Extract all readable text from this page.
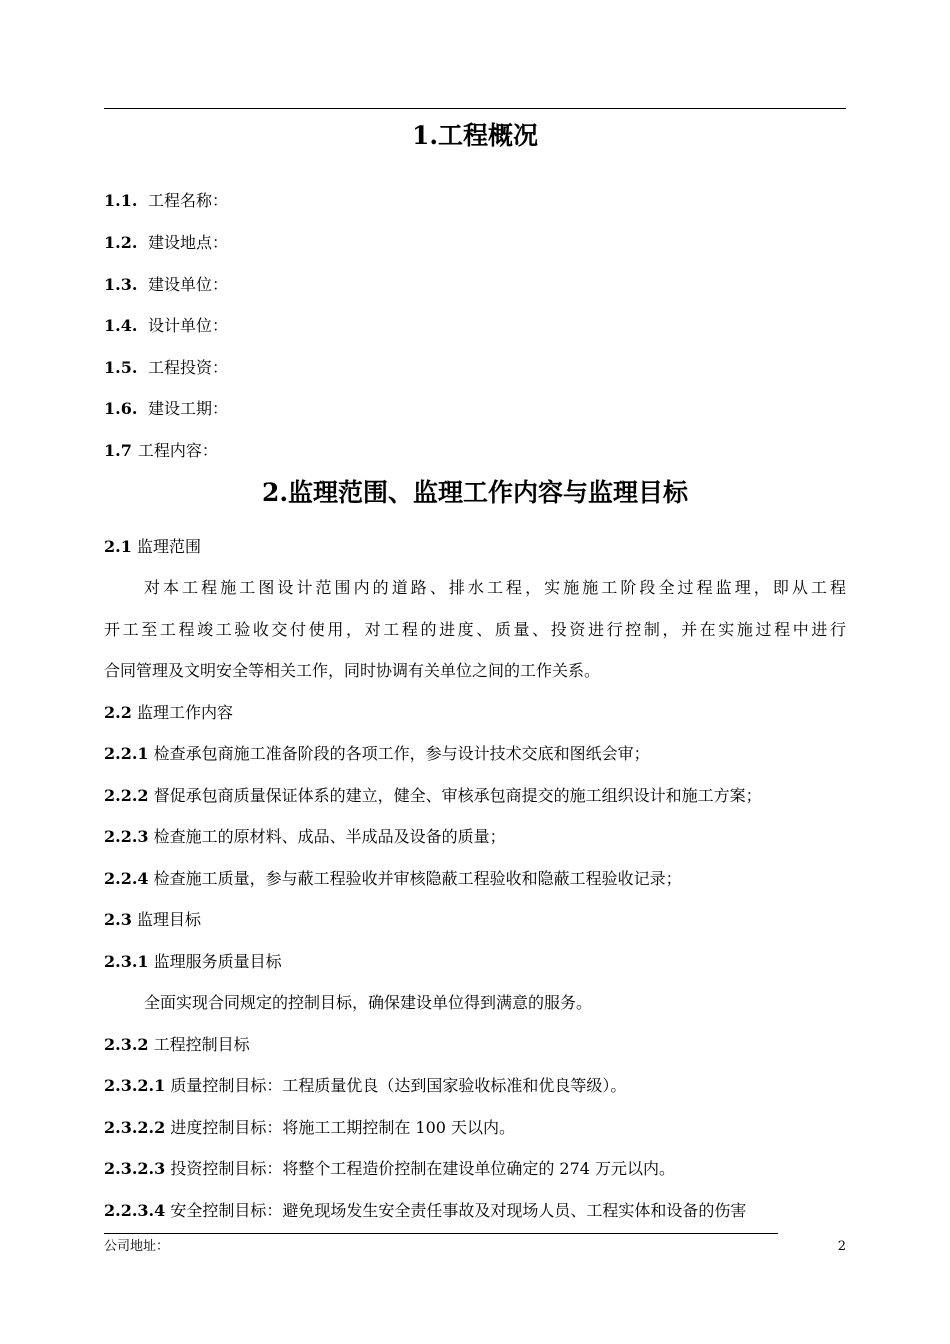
1.工程概况
1.1. 工程名称：
1.2. 建设地点：
1.3. 建设单位：
1.4. 设计单位：
1.5. 工程投资：
1.6. 建设工期：
1.7 工程内容：
2.监理范围、监理工作内容与监理目标
2.1 监理范围
对本工程施工图设计范围内的道路、排水工程，实施施工阶段全过程监理，即从工程
开工至工程竣工验收交付使用，对工程的进度、质量、投资进行控制，并在实施过程中进行
合同管理及文明安全等相关工作，同时协调有关单位之间的工作关系。
2.2 监理工作内容
2.2.1 检查承包商施工准备阶段的各项工作，参与设计技术交底和图纸会审；
2.2.2 督促承包商质量保证体系的建立，健全、审核承包商提交的施工组织设计和施工方案；
2.2.3 检查施工的原材料、成品、半成品及设备的质量；
2.2.4 检查施工质量，参与蔽工程验收并审核隐蔽工程验收和隐蔽工程验收记录；
2.3 监理目标
2.3.1 监理服务质量目标
全面实现合同规定的控制目标，确保建设单位得到满意的服务。
2.3.2 工程控制目标
2.3.2.1 质量控制目标：工程质量优良（达到国家验收标准和优良等级）。
2.3.2.2 进度控制目标：将施工工期控制在 100 天以内。
2.3.2.3 投资控制目标：将整个工程造价控制在建设单位确定的 274 万元以内。
2.2.3.4 安全控制目标：避免现场发生安全责任事故及对现场人员、工程实体和设备的伤害
公司地址：	2
